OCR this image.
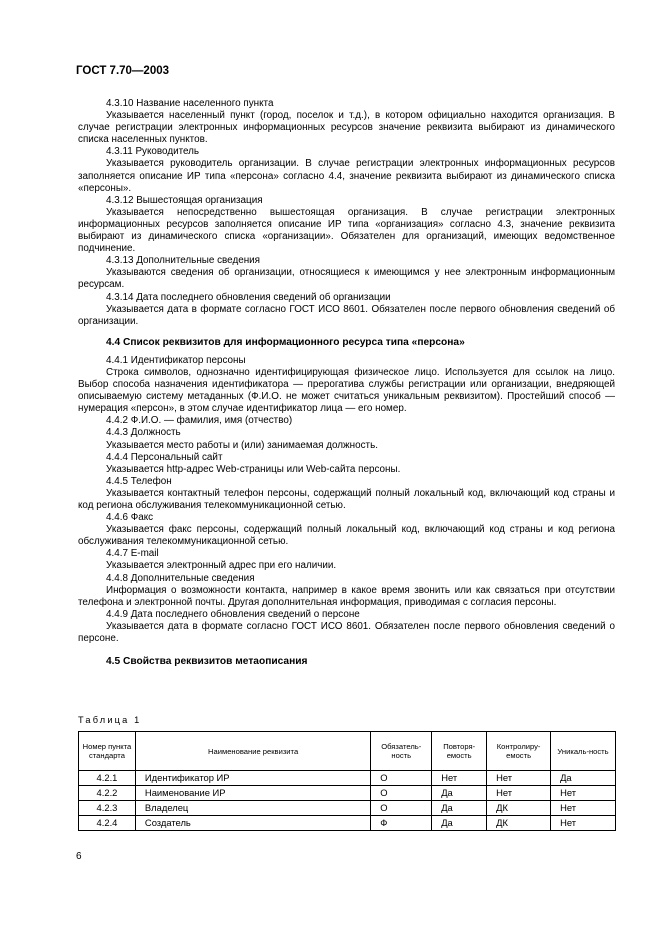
ГОСТ 7.70—2003

4.3.10 Название населенного пункта

Указывается населенный пункт (город, поселок и т.д.), в котором официально находится организация. В случае регистрации электронных информационных ресурсов значение реквизита выбирают из динамического списка населенных пунктов.

4.3.11 Руководитель

Указывается руководитель организации. В случае регистрации электронных информационных ресурсов заполняется описание ИР типа «персона» согласно 4.4, значение реквизита выбирают из динамического списка «персоны».

4.3.12 Вышестоящая организация

Указывается непосредственно вышестоящая организация. В случае регистрации электронных информационных ресурсов заполняется описание ИР типа «организация» согласно 4.3, значение реквизита выбирают из динамического списка «организации». Обязателен для организаций, имеющих ведомственное подчинение.

4.3.13 Дополнительные сведения

Указываются сведения об организации, относящиеся к имеющимся у нее электронным информационным ресурсам.

4.3.14 Дата последнего обновления сведений об организации

Указывается дата в формате согласно ГОСТ ИСО 8601. Обязателен после первого обновления сведений об организации.

4.4 Список реквизитов для информационного ресурса типа «персона»

4.4.1 Идентификатор персоны

Строка символов, однозначно идентифицирующая физическое лицо. Используется для ссылок на лицо. Выбор способа назначения идентификатора — прерогатива службы регистрации или организации, внедряющей описываемую систему метаданных (Ф.И.О. не может считаться уникальным реквизитом). Простейший способ — нумерация «персон», в этом случае идентификатор лица — его номер.

4.4.2 Ф.И.О. — фамилия, имя (отчество)

4.4.3 Должность

Указывается место работы и (или) занимаемая должность.

4.4.4 Персональный сайт

Указывается http-адрес Web-страницы или Web-сайта персоны.

4.4.5 Телефон

Указывается контактный телефон персоны, содержащий полный локальный код, включающий код страны и код региона обслуживания телекоммуникационной сетью.

4.4.6 Факс

Указывается факс персоны, содержащий полный локальный код, включающий код страны и код региона обслуживания телекоммуникационной сетью.

4.4.7 E-mail

Указывается электронный адрес при его наличии.

4.4.8 Дополнительные сведения

Информация о возможности контакта, например в какое время звонить или как связаться при отсутствии телефона и электронной почты. Другая дополнительная информация, приводимая с согласия персоны.

4.4.9 Дата последнего обновления сведений о персоне

Указывается дата в формате согласно ГОСТ ИСО 8601. Обязателен после первого обновления сведений о персоне.

4.5 Свойства реквизитов метаописания

Таблица 1
Номер пункта стандарта	Наименование реквизита	Обязатель-ность	Повторя-емость	Контролиру-емость	Уникаль-ность
4.2.1	Идентификатор ИР	О	Нет	Нет	Да
4.2.2	Наименование ИР	О	Да	Нет	Нет
4.2.3	Владелец	О	Да	ДК	Нет
4.2.4	Создатель	Ф	Да	ДК	Нет
6
